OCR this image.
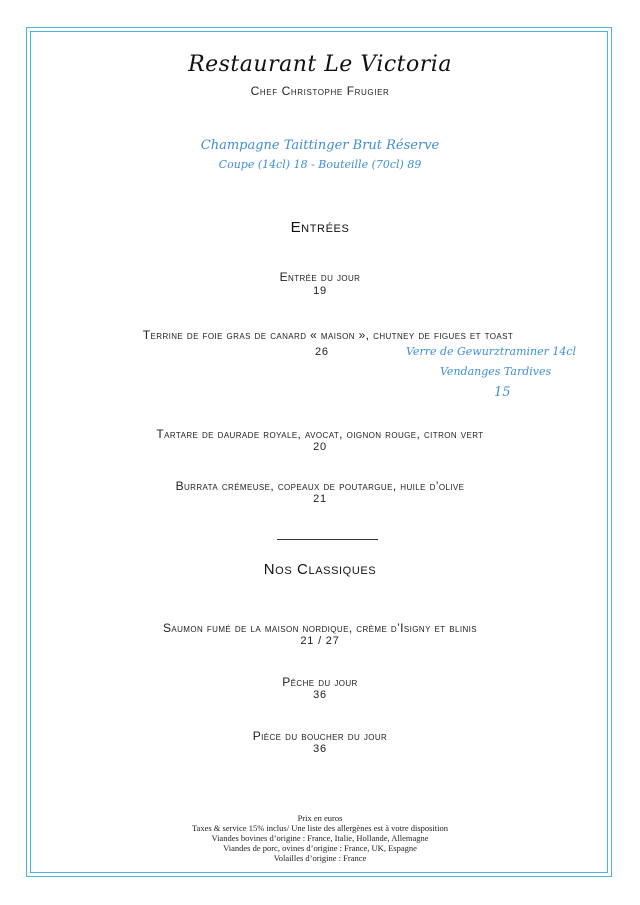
Restaurant Le Victoria
Chef Christophe Frugier
Champagne Taittinger Brut Réserve
Coupe (14cl) 18 - Bouteille (70cl) 89
Entrées
Entrée du jour
19
Terrine de foie gras de canard « maison », chutney de figues et toast
26	Verre de Gewurztraminer 14cl
Vendanges Tardives
15
Tartare de daurade royale, avocat, oignon rouge, citron vert
20
Burrata crémeuse, copeaux de poutargue, huile d’olive
21
Nos Classiques
Saumon fumé de la maison nordique, crème d’Isigny et blinis
21 / 27
Pêche du jour
36
Pièce du boucher du jour
36
Prix en euros
Taxes & service 15% inclus/ Une liste des allergènes est à votre disposition
Viandes bovines d’origine : France, Italie, Hollande, Allemagne
Viandes de porc, ovines d’origine : France, UK, Espagne
Volailles d’origine : France
